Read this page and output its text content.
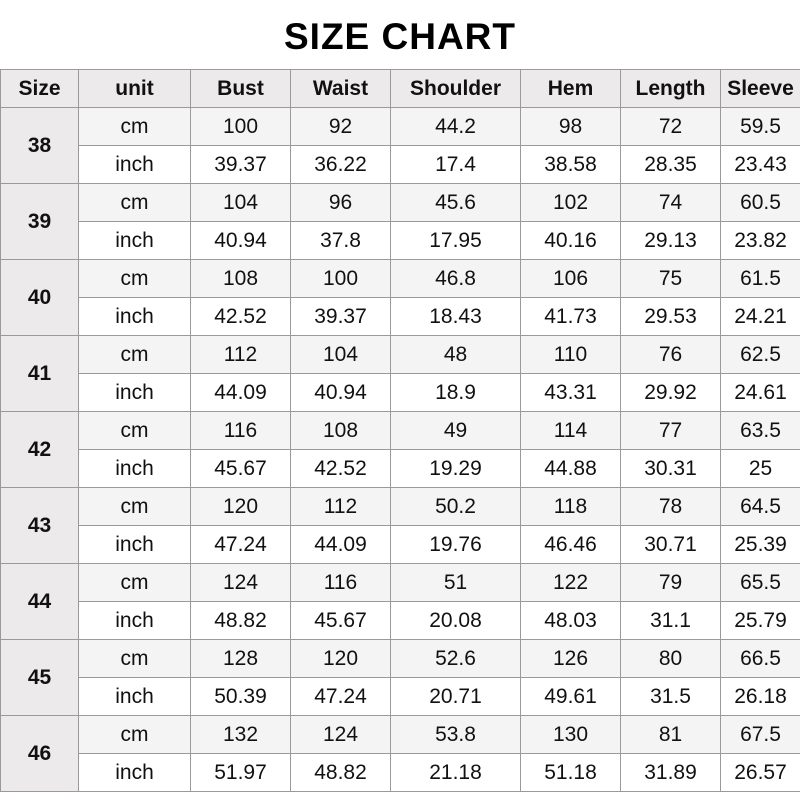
SIZE CHART
Size	unit	Bust	Waist	Shoulder	Hem	Length	Sleeve
38	cm	100	92	44.2	98	72	59.5
	inch	39.37	36.22	17.4	38.58	28.35	23.43
39	cm	104	96	45.6	102	74	60.5
	inch	40.94	37.8	17.95	40.16	29.13	23.82
40	cm	108	100	46.8	106	75	61.5
	inch	42.52	39.37	18.43	41.73	29.53	24.21
41	cm	112	104	48	110	76	62.5
	inch	44.09	40.94	18.9	43.31	29.92	24.61
42	cm	116	108	49	114	77	63.5
	inch	45.67	42.52	19.29	44.88	30.31	25
43	cm	120	112	50.2	118	78	64.5
	inch	47.24	44.09	19.76	46.46	30.71	25.39
44	cm	124	116	51	122	79	65.5
	inch	48.82	45.67	20.08	48.03	31.1	25.79
45	cm	128	120	52.6	126	80	66.5
	inch	50.39	47.24	20.71	49.61	31.5	26.18
46	cm	132	124	53.8	130	81	67.5
	inch	51.97	48.82	21.18	51.18	31.89	26.57
